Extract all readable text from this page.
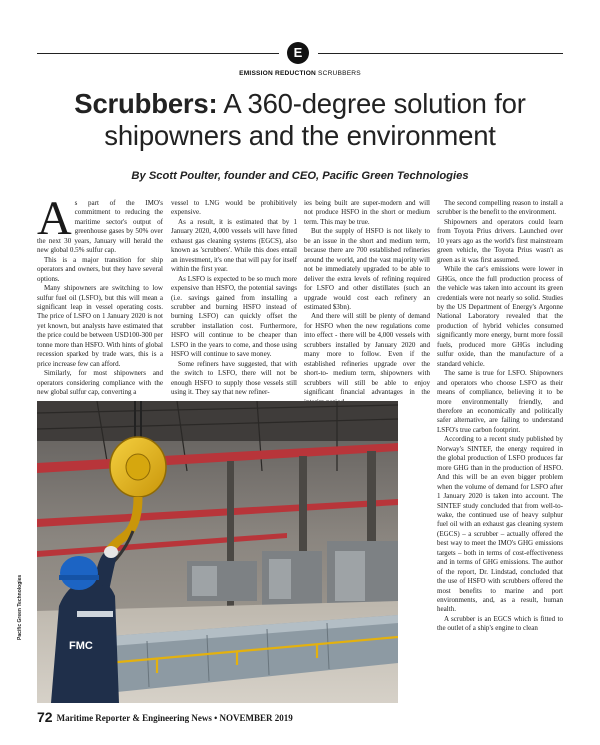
E
EMISSION REDUCTION SCRUBBERS
Scrubbers: A 360-degree solution for
shipowners and the environment
By Scott Poulter, founder and CEO, Pacific Green Technologies

As part of the IMO's commitment to reducing the maritime sector's output of greenhouse gases by 50% over the next 30 years, January will herald the new global 0.5% sulfur cap.

This is a major transition for ship operators and owners, but they have several options.

Many shipowners are switching to low sulfur fuel oil (LSFO), but this will mean a significant leap in vessel operating costs. The price of LSFO on 1 January 2020 is not yet known, but analysts have estimated that the price could be between USD100-300 per tonne more than HSFO. With hints of global recession sparked by trade wars, this is a price increase few can afford.

Similarly, for most shipowners and operators considering compliance with the new global sulfur cap, converting a

vessel to LNG would be prohibitively expensive.

As a result, it is estimated that by 1 January 2020, 4,000 vessels will have fitted exhaust gas cleaning systems (EGCS), also known as 'scrubbers'. While this does entail an investment, it's one that will pay for itself within the first year.

As LSFO is expected to be so much more expensive than HSFO, the potential savings (i.e. savings gained from installing a scrubber and burning HSFO instead of burning LSFO) can quickly offset the scrubber installation cost. Furthermore, HSFO will continue to be cheaper than LSFO in the years to come, and those using HSFO will continue to save money.

Some refiners have suggested, that with the switch to LSFO, there will not be enough HSFO to supply those vessels still using it. They say that new refiner-

ies being built are super-modern and will not produce HSFO in the short or medium term. This may be true.

But the supply of HSFO is not likely to be an issue in the short and medium term, because there are 700 established refineries around the world, and the vast majority will not be immediately upgraded to be able to deliver the extra levels of refining required for LSFO and other distillates (such an upgrade would cost each refinery an estimated $3bn).

And there will still be plenty of demand for HSFO when the new regulations come into effect - there will be 4,000 vessels with scrubbers installed by January 2020 and many more to follow. Even if the established refineries upgrade over the short-to- medium term, shipowners with scrubbers will still be able to enjoy significant financial advantages in the

The second compelling reason to install a scrubber is the benefit to the environment.

Shipowners and operators could learn from Toyota Prius drivers. Launched over 10 years ago as the world's first mainstream green vehicle, the Toyota Prius wasn't as green as it was first assumed.

While the car's emissions were lower in GHGs, once the full production process of the vehicle was taken into account its green credentials were not nearly so solid. Studies by the US Department of Energy's Argonne National Laboratory revealed that the production of hybrid vehicles consumed significantly more energy, burnt more fossil fuels, produced more GHGs including sulfur oxide, than the manufacture of a standard vehicle.

The same is true for LSFO. Shipowners and operators who choose LSFO as their means of compliance, believing it to be more environmentally friendly, and therefore an economically and politically safer alternative, are failing to understand LSFO's true carbon footprint.

According to a recent study published by Norway's SINTEF, the energy required in the global production of LSFO produces far more GHG than in the production of HSFO. And this will be an even bigger problem when the volume of demand for LSFO after 1 January 2020 is taken into account. The SINTEF study concluded that from well-to-wake, the continued use of heavy sulphur fuel oil with an exhaust gas cleaning system (EGCS) – a scrubber – actually offered the best way to meet the IMO's GHG emissions targets – both in terms of cost-effectiveness and in terms of GHG emissions. The author of the report, Dr. Lindstad, concluded that the use of HSFO with scrubbers offered the most benefits to marine and port environments, and, as a result, human health.

A scrubber is an EGCS which is fitted to the outlet of a ship's engine to clean

FMC
Pacific Green Technologies
72 Maritime Reporter & Engineering News • NOVEMBER 2019
